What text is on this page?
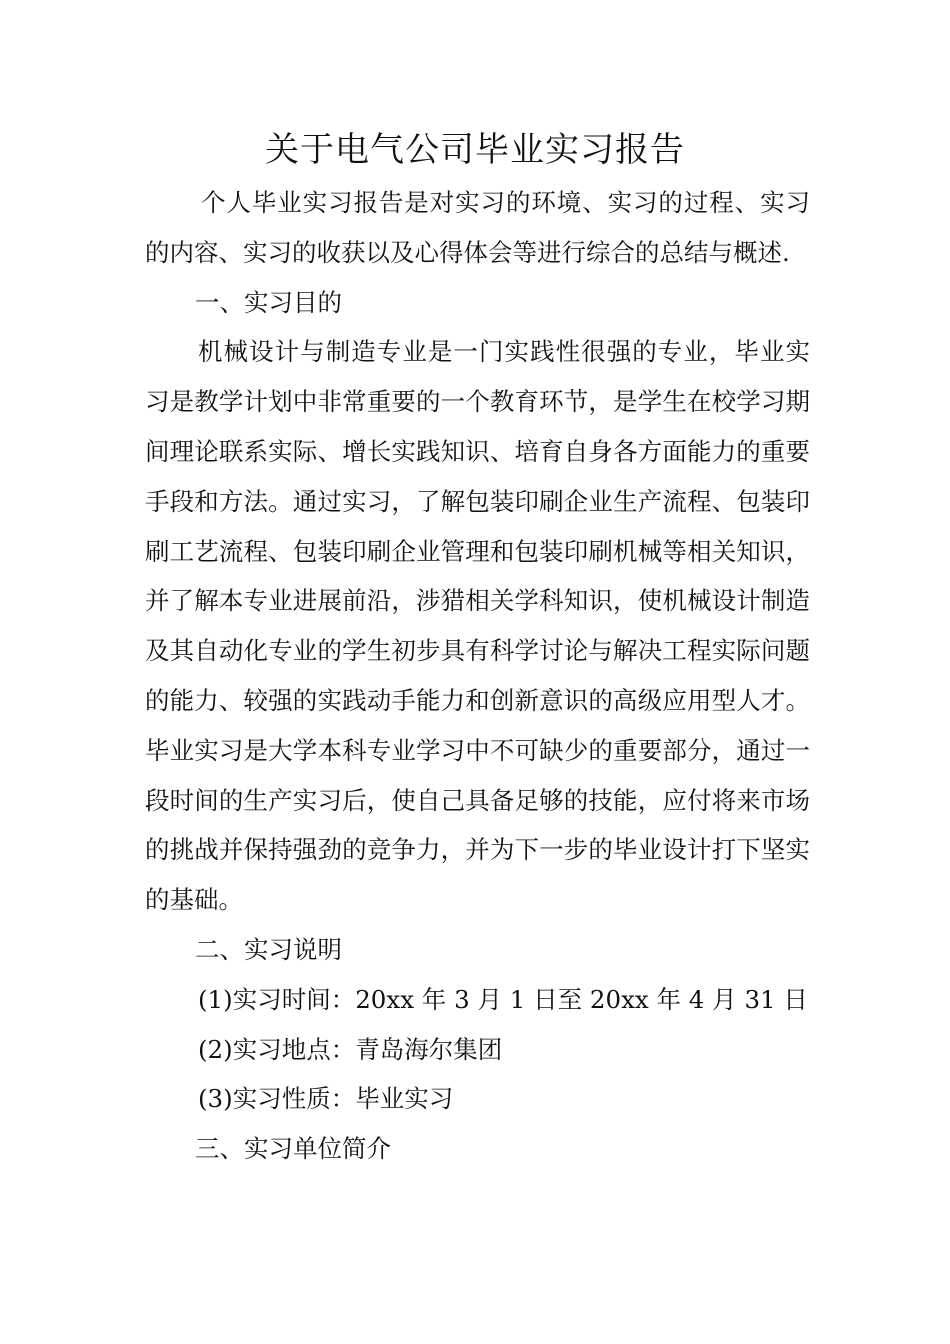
关于电气公司毕业实习报告

个人毕业实习报告是对实习的环境、实习的过程、实习的内容、实习的收获以及心得体会等进行综合的总结与概述.

一、实习目的

机械设计与制造专业是一门实践性很强的专业，毕业实习是教学计划中非常重要的一个教育环节，是学生在校学习期间理论联系实际、增长实践知识、培育自身各方面能力的重要手段和方法。通过实习，了解包装印刷企业生产流程、包装印刷工艺流程、包装印刷企业管理和包装印刷机械等相关知识，并了解本专业进展前沿，涉猎相关学科知识，使机械设计制造及其自动化专业的学生初步具有科学讨论与解决工程实际问题的能力、较强的实践动手能力和创新意识的高级应用型人才。毕业实习是大学本科专业学习中不可缺少的重要部分，通过一段时间的生产实习后，使自己具备足够的技能，应付将来市场的挑战并保持强劲的竞争力，并为下一步的毕业设计打下坚实的基础。

二、实习说明

(1)实习时间：20xx 年 3 月 1 日至 20xx 年 4 月 31 日

(2)实习地点：青岛海尔集团

(3)实习性质：毕业实习

三、实习单位简介
